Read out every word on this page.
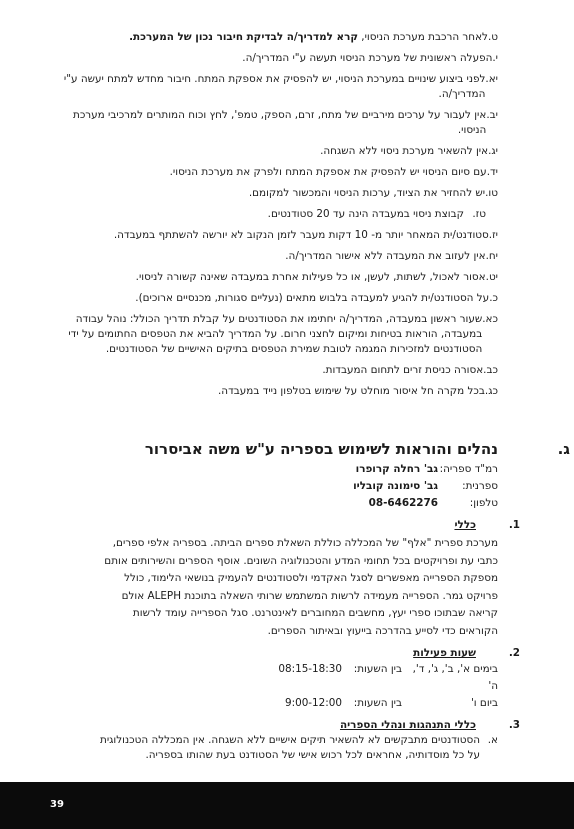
ט .
לאחר הרכבת מערכת הניסוי, קרא למדריך/ה לבדיקת חיבור נכון של המערכת.
י .
הפעלה ראשונית של מערכת הניסוי תעשה ע"י המדריך/ה.
יא .
לפני ביצוע שינויים במערכת הניסוי, יש להפסיק את אספקת המתח. חיבור מחדש למתח יעשה ע"י המדריך/ה.
יב .
אין לעבור על ערכים מירביים של מתח, זרם, הספק, טמפ', לחץ וכוח המותרים למרכיבי מערכת הניסוי.
יג .
אין להשאיר מערכת ניסוי ללא השגחה.
יד .
עם סיום הניסוי יש להפסיק את אספקת המתח ולפרק את מערכת הניסוי.
טו .
יש להחזיר את הציוד, ערכות הניסוי והמכשור למקומם.
טז .
קבוצת ניסוי במעבדה הינה עד 20 סטודנטים.
יז .
סטודנט/ית המאחר יותר מ- 10 דקות מעבר לזמן הנקוב לא יורשה להשתתף במעבדה.
יח .
אין לעזוב את המעבדה ללא אישור המדריך/ה.
יט .
אסור לאכול, לשתות, לעשן, או כל פעילות אחרת במעבדה שאינה קשורה לניסוי.
כ .
על הסטודנט/ית להגיע למעבדה בלבוש מתאים (נעליים סגורות, מכנסיים ארוכים).
כא .
שעור ראשון במעבדה, המדריך/ה יחתימו את הסטודנטים על קבלת תדריך הכולל: נוהל עבודה במעבדה, הוראות בטיחות ומיקום לחצני חרום. על המדריך להביא את הטפסים החתומים על ידי הסטודנטים למזכירות המגמה לטובת שמירת הטפסים בתיקים האישיים של הסטודנטים.
כב .
אסורה כניסת זרים לתחום המעבדות.
כג .
בכל מקרה חל איסור מוחלט על שימוש בטלפון נייד במעבדה.
ג.
נהלים והוראות לשימוש בספריה ע"ש משה אביסרור
רמ"ד ספריה:
גב' רחלה קרופרו
ספרנית:
גב' סימונה קובליו
טלפון:
08-6462276
1 .
כללי
מערכת ספרית "אלף" של המכללה כוללת השאלת ספרים הביתה. בספריה אלפי ספרים, כתבי עת ופרויקטים בכל תחומי המדע והטכנולוגיה השונים. אוסף הספרים והשירותים אותם מספקת הספרייה מאפשרים לסגל האקדמי ולסטודנטים להעמיק בנושאי הלימוד, כולל פרויקט גמר. הספרייה מעמידה לרשות המשתמש שרותי השאלה בתוכנת ALEPH אולם קריאה שבתוכו ספרי יעץ, מחשבים המחוברים לאינטרנט. סגל הספרייה עומד לרשות הקוראים כדי לסייע בהדרכה בייעוץ ובאיתור הספרים.
2 .
שעות פעילות
בימים א', ב', ג', ד', ה'
בין השעות:
08:15-18:30
ביום ו'
בין השעות:
9:00-12:00
3 .
כללי התנהגות ונהלי הספריה
א .
הסטודנטים מתבקשים לא להשאיר תיקים אישיים ללא השגחה. אין המכללה הטכנולוגית על כל מוסדותיה, אחראים לכל רכוש אישי של הסטודנט בעת שהותו בספריה.
39
